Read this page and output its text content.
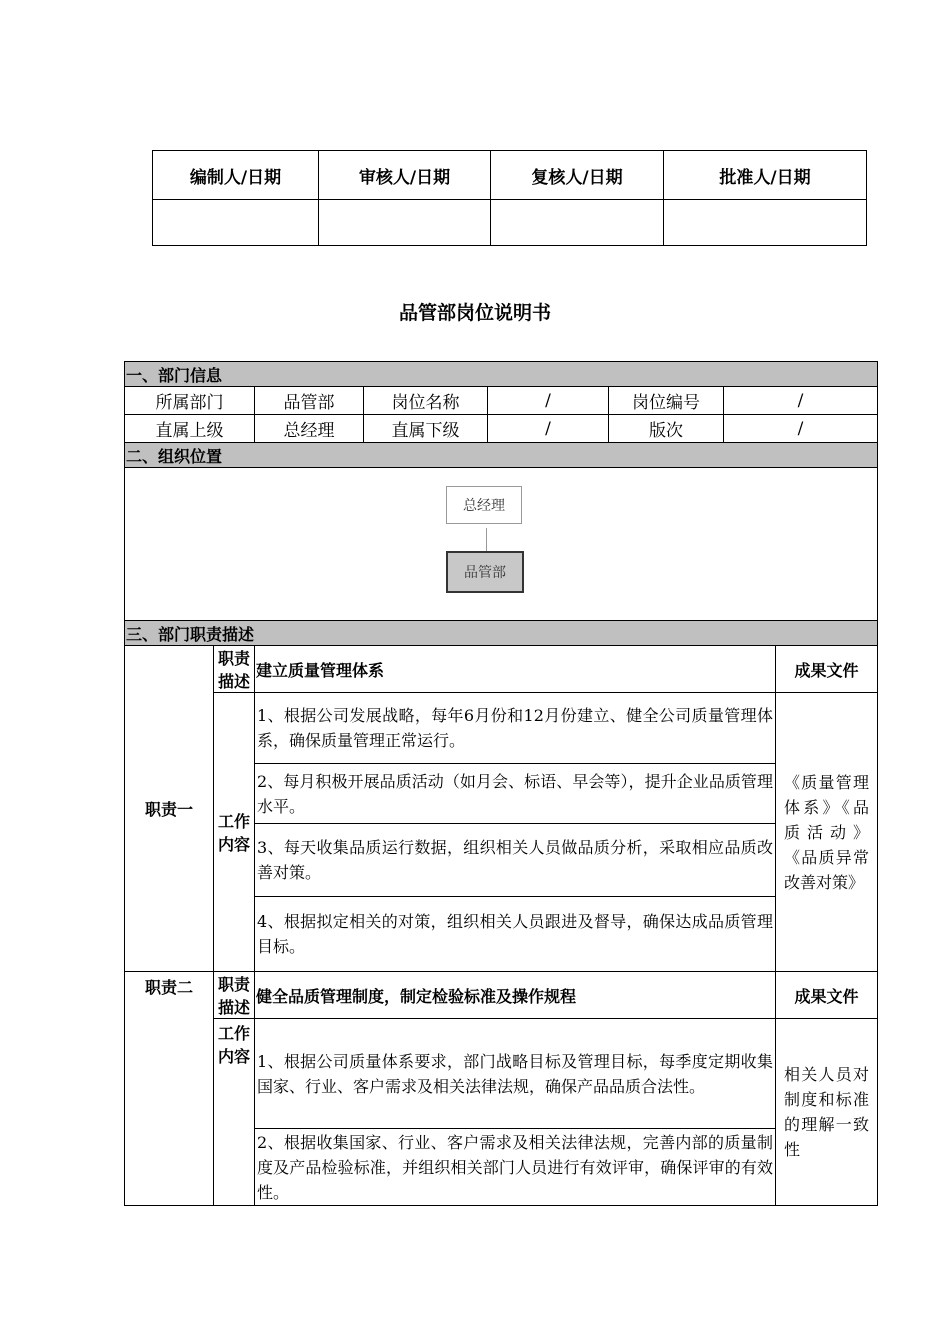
编制人/日期	审核人/日期	复核人/日期	批准人/日期

品管部岗位说明书
一、部门信息							
所属部门		品管部	岗位名称	/	岗位编号	/	
直属上级		总经理	直属下级	/	版次	/	
二、组织位置							

总经理
品管部							

三、部门职责描述							
职责一	职责描述	建立质量管理体系					成果文件
	工作内容	1、根据公司发展战略，每年6月份和12月份建立、健全公司质量管理体系，确保质量管理正常运行。					《质量管理体系》《品质活动》《品质异常改善对策》
		2、每月积极开展品质活动（如月会、标语、早会等），提升企业品质管理水平。					
		3、每天收集品质运行数据，组织相关人员做品质分析，采取相应品质改善对策。					
		4、根据拟定相关的对策，组织相关人员跟进及督导，确保达成品质管理目标。					
职责二	职责描述	健全品质管理制度，制定检验标准及操作规程					成果文件
	工作内容	1、根据公司质量体系要求，部门战略目标及管理目标，每季度定期收集国家、行业、客户需求及相关法律法规，确保产品品质合法性。					相关人员对制度和标准的理解一致性
		2、根据收集国家、行业、客户需求及相关法律法规，完善内部的质量制度及产品检验标准，并组织相关部门人员进行有效评审，确保评审的有效性。					
